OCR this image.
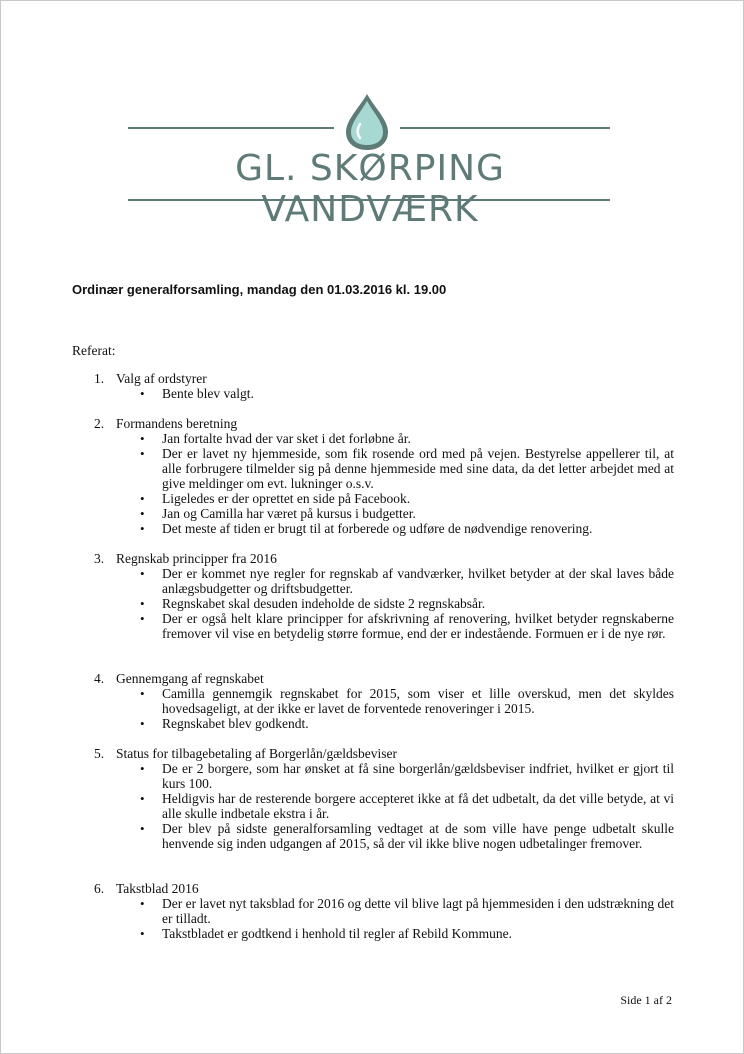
GL. SKØRPING VANDVÆRK
Ordinær generalforsamling, mandag den 01.03.2016 kl. 19.00
Referat:
1. Valg af ordstyrer
• Bente blev valgt.
2. Formandens beretning
• Jan fortalte hvad der var sket i det forløbne år.
• Der er lavet ny hjemmeside, som fik rosende ord med på vejen. Bestyrelse appellerer til, at alle forbrugere tilmelder sig på denne hjemmeside med sine data, da det letter arbejdet med at give meldinger om evt. lukninger o.s.v.
• Ligeledes er der oprettet en side på Facebook.
• Jan og Camilla har været på kursus i budgetter.
• Det meste af tiden er brugt til at forberede og udføre de nødvendige renovering.
3. Regnskab principper fra 2016
• Der er kommet nye regler for regnskab af vandværker, hvilket betyder at der skal laves både anlægsbudgetter og driftsbudgetter.
• Regnskabet skal desuden indeholde de sidste 2 regnskabsår.
• Der er også helt klare principper for afskrivning af renovering, hvilket betyder regnskaberne fremover vil vise en betydelig større formue, end der er indestående. Formuen er i de nye rør.
4. Gennemgang af regnskabet
• Camilla gennemgik regnskabet for 2015, som viser et lille overskud, men det skyldes hovedsageligt, at der ikke er lavet de forventede renoveringer i 2015.
• Regnskabet blev godkendt.
5. Status for tilbagebetaling af Borgerlån/gældsbeviser
• De er 2 borgere, som har ønsket at få sine borgerlån/gældsbeviser indfriet, hvilket er gjort til kurs 100.
• Heldigvis har de resterende borgere accepteret ikke at få det udbetalt, da det ville betyde, at vi alle skulle indbetale ekstra i år.
• Der blev på sidste generalforsamling vedtaget at de som ville have penge udbetalt skulle henvende sig inden udgangen af 2015, så der vil ikke blive nogen udbetalinger fremover.
6. Takstblad 2016
• Der er lavet nyt taksblad for 2016 og dette vil blive lagt på hjemmesiden i den udstrækning det er tilladt.
• Takstbladet er godtkend i henhold til regler af Rebild Kommune.
Side 1 af 2
